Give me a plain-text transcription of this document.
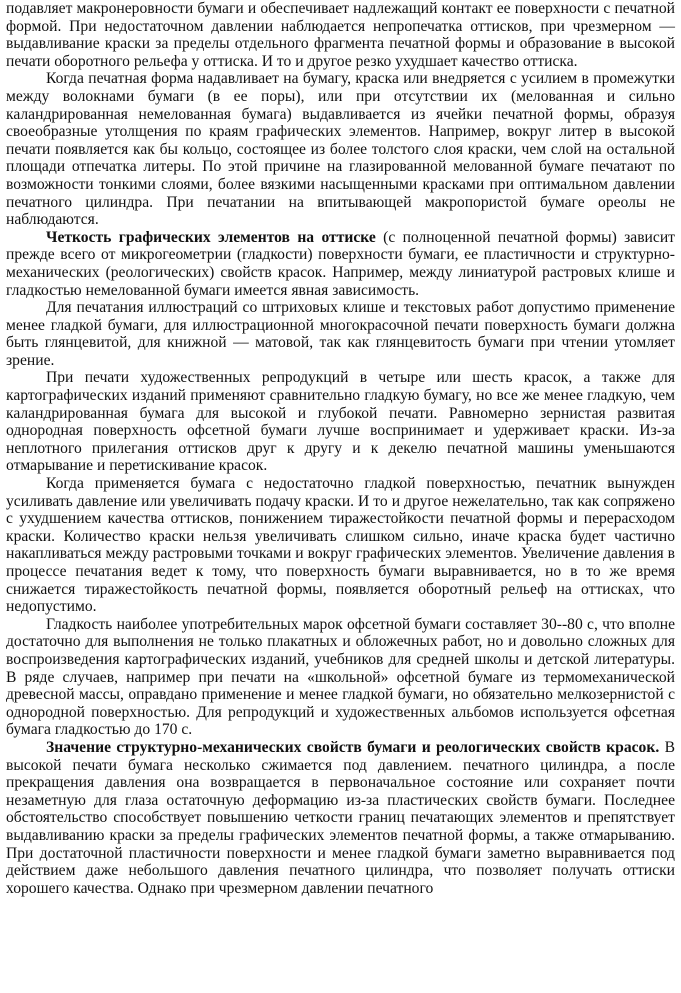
подавляет макронеровности бумаги и обеспечивает надлежащий контакт ее поверхности с печатной формой. При недостаточном давлении наблюдается непропечатка оттисков, при чрезмерном — выдавливание краски за пределы отдельного фрагмента печатной формы и образование в высокой печати оборотного рельефа у оттиска. И то и другое резко ухудшает качество оттиска.

Когда печатная форма надавливает на бумагу, краска или внедряется с усилием в промежутки между волокнами бумаги (в ее поры), или при отсутствии их (мелованная и сильно каландрированная немелованная бумага) выдавливается из ячейки печатной формы, образуя своеобразные утолщения по краям графических элементов. Например, вокруг литер в высокой печати появляется как бы кольцо, состоящее из более толстого слоя краски, чем слой на остальной площади отпечатка литеры. По этой причине на глазированной мелованной бумаге печатают по возможности тонкими слоями, более вязкими насыщенными красками при оптимальном давлении печатного цилиндра. При печатании на впитывающей макропористой бумаге ореолы не наблюдаются.

Четкость графических элементов на оттиске (с полноценной печатной формы) зависит прежде всего от микрогеометрии (гладкости) поверхности бумаги, ее пластичности и структурно-механических (реологических) свойств красок. Например, между линиатурой растровых клише и гладкостью немелованной бумаги имеется явная зависимость.

Для печатания иллюстраций со штриховых клише и текстовых работ допустимо применение менее гладкой бумаги, для иллюстрационной многокрасочной печати поверхность бумаги должна быть глянцевитой, для книжной — матовой, так как глянцевитость бумаги при чтении утомляет зрение.

При печати художественных репродукций в четыре или шесть красок, а также для картографических изданий применяют сравнительно гладкую бумагу, но все же менее гладкую, чем каландрированная бумага для высокой и глубокой печати. Равномерно зернистая развитая однородная поверхность офсетной бумаги лучше воспринимает и удерживает краски. Из-за неплотного прилегания оттисков друг к другу и к декелю печатной машины уменьшаются отмарывание и перетискивание красок.

Когда применяется бумага с недостаточно гладкой поверхностью, печатник вынужден усиливать давление или увеличивать подачу краски. И то и другое нежелательно, так как сопряжено с ухудшением качества оттисков, понижением тиражестойкости печатной формы и перерасходом краски. Количество краски нельзя увеличивать слишком сильно, иначе краска будет частично накапливаться между растровыми точками и вокруг графических элементов. Увеличение давления в процессе печатания ведет к тому, что поверхность бумаги выравнивается, но в то же время снижается тиражестойкость печатной формы, появляется оборотный рельеф на оттисках, что недопустимо.

Гладкость наиболее употребительных марок офсетной бумаги составляет 30--80 с, что вполне достаточно для выполнения не только плакатных и обложечных работ, но и довольно сложных для воспроизведения картографических изданий, учебников для средней школы и детской литературы. В ряде случаев, например при печати на «школьной» офсетной бумаге из термомеханической древесной массы, оправдано применение и менее гладкой бумаги, но обязательно мелкозернистой с однородной поверхностью. Для репродукций и художественных альбомов используется офсетная бумага гладкостью до 170 с.

Значение структурно-механических свойств бумаги и реологических свойств красок. В высокой печати бумага несколько сжимается под давлением. печатного цилиндра, а после прекращения давления она возвращается в первоначальное состояние или сохраняет почти незаметную для глаза остаточную деформацию из-за пластических свойств бумаги. Последнее обстоятельство способствует повышению четкости границ печатающих элементов и препятствует выдавливанию краски за пределы графических элементов печатной формы, а также отмарыванию. При достаточной пластичности поверхности и менее гладкой бумаги заметно выравнивается под действием даже небольшого давления печатного цилиндра, что позволяет получать оттиски хорошего качества. Однако при чрезмерном давлении печатного
